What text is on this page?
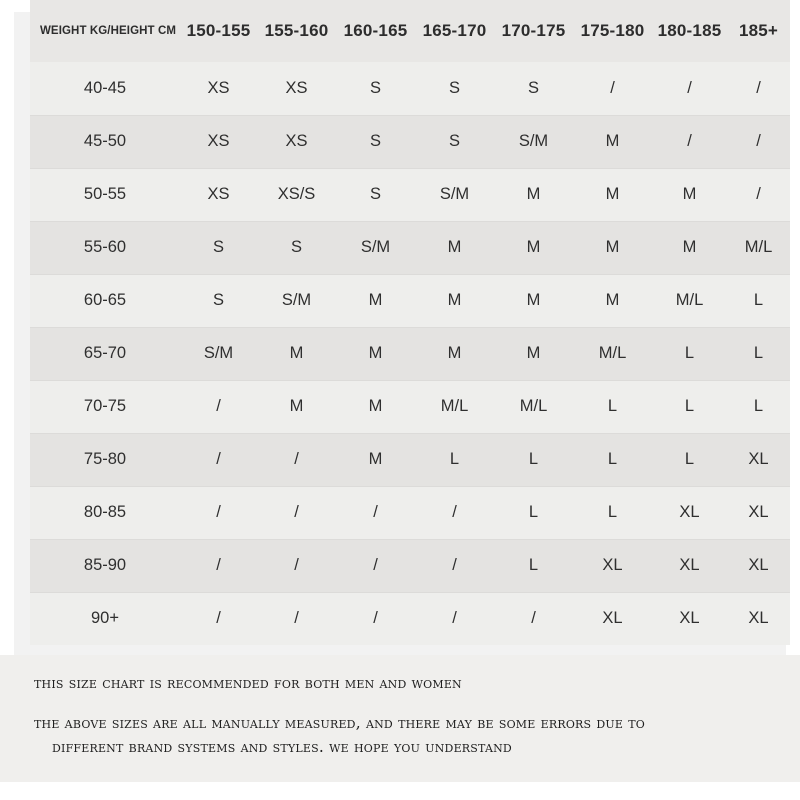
WEIGHT KG/HEIGHT CM	150-155	155-160	160-165	165-170	170-175	175-180	180-185	185+
40-45	XS	XS	S	S	S	/	/	/
45-50	XS	XS	S	S	S/M	M	/	/
50-55	XS	XS/S	S	S/M	M	M	M	/
55-60	S	S	S/M	M	M	M	M	M/L
60-65	S	S/M	M	M	M	M	M/L	L
65-70	S/M	M	M	M	M	M/L	L	L
70-75	/	M	M	M/L	M/L	L	L	L
75-80	/	/	M	L	L	L	L	XL
80-85	/	/	/	/	L	L	XL	XL
85-90	/	/	/	/	L	XL	XL	XL
90+	/	/	/	/	/	XL	XL	XL
this size chart is recommended for both men and women
the above sizes are all manually measured, and there may be some errors due to
different brand systems and styles. we hope you understand
